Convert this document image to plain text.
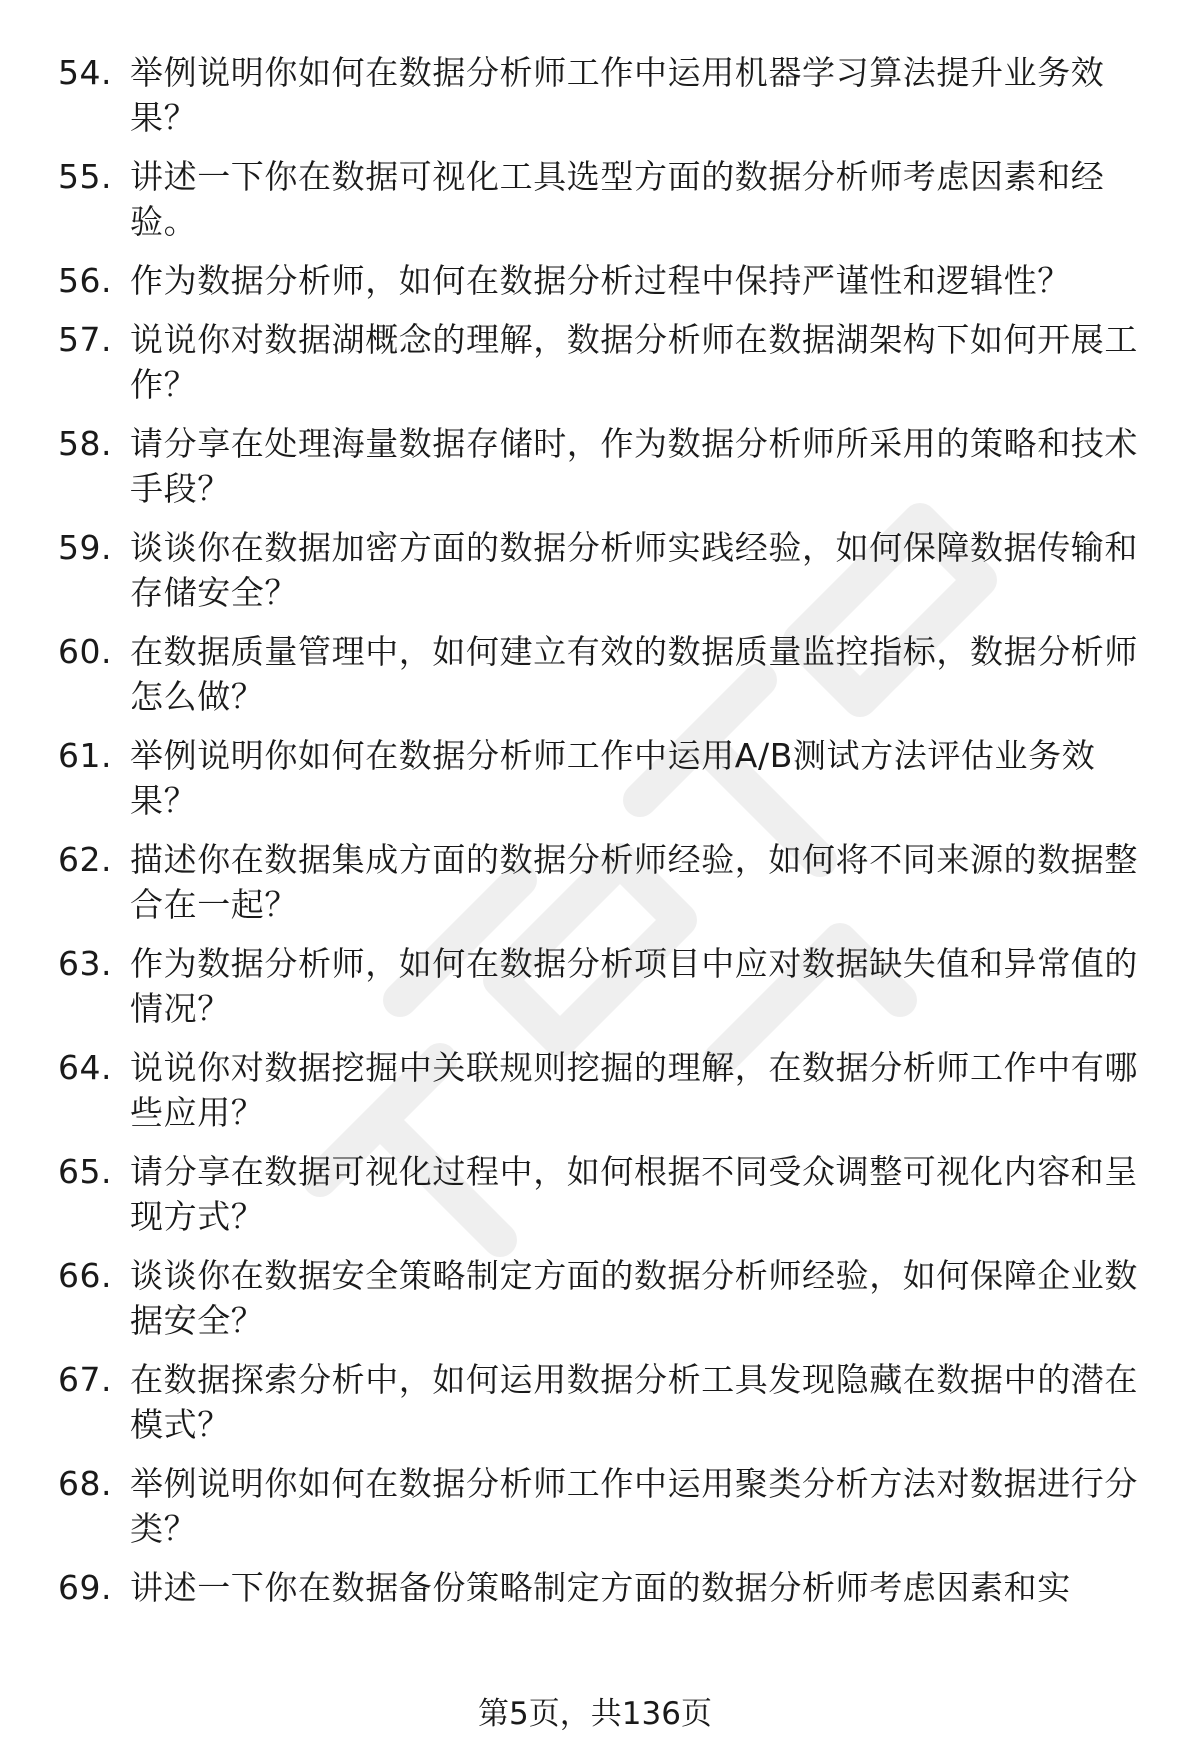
54. 举例说明你如何在数据分析师工作中运用机器学习算法提升业务效果？
55. 讲述一下你在数据可视化工具选型方面的数据分析师考虑因素和经验。
56. 作为数据分析师，如何在数据分析过程中保持严谨性和逻辑性？
57. 说说你对数据湖概念的理解，数据分析师在数据湖架构下如何开展工作？
58. 请分享在处理海量数据存储时，作为数据分析师所采用的策略和技术手段？
59. 谈谈你在数据加密方面的数据分析师实践经验，如何保障数据传输和存储安全？
60. 在数据质量管理中，如何建立有效的数据质量监控指标，数据分析师怎么做？
61. 举例说明你如何在数据分析师工作中运用A/B测试方法评估业务效果？
62. 描述你在数据集成方面的数据分析师经验，如何将不同来源的数据整合在一起？
63. 作为数据分析师，如何在数据分析项目中应对数据缺失值和异常值的情况？
64. 说说你对数据挖掘中关联规则挖掘的理解，在数据分析师工作中有哪些应用？
65. 请分享在数据可视化过程中，如何根据不同受众调整可视化内容和呈现方式？
66. 谈谈你在数据安全策略制定方面的数据分析师经验，如何保障企业数据安全？
67. 在数据探索分析中，如何运用数据分析工具发现隐藏在数据中的潜在模式？
68. 举例说明你如何在数据分析师工作中运用聚类分析方法对数据进行分类？
69. 讲述一下你在数据备份策略制定方面的数据分析师考虑因素和实
第5页，共136页
